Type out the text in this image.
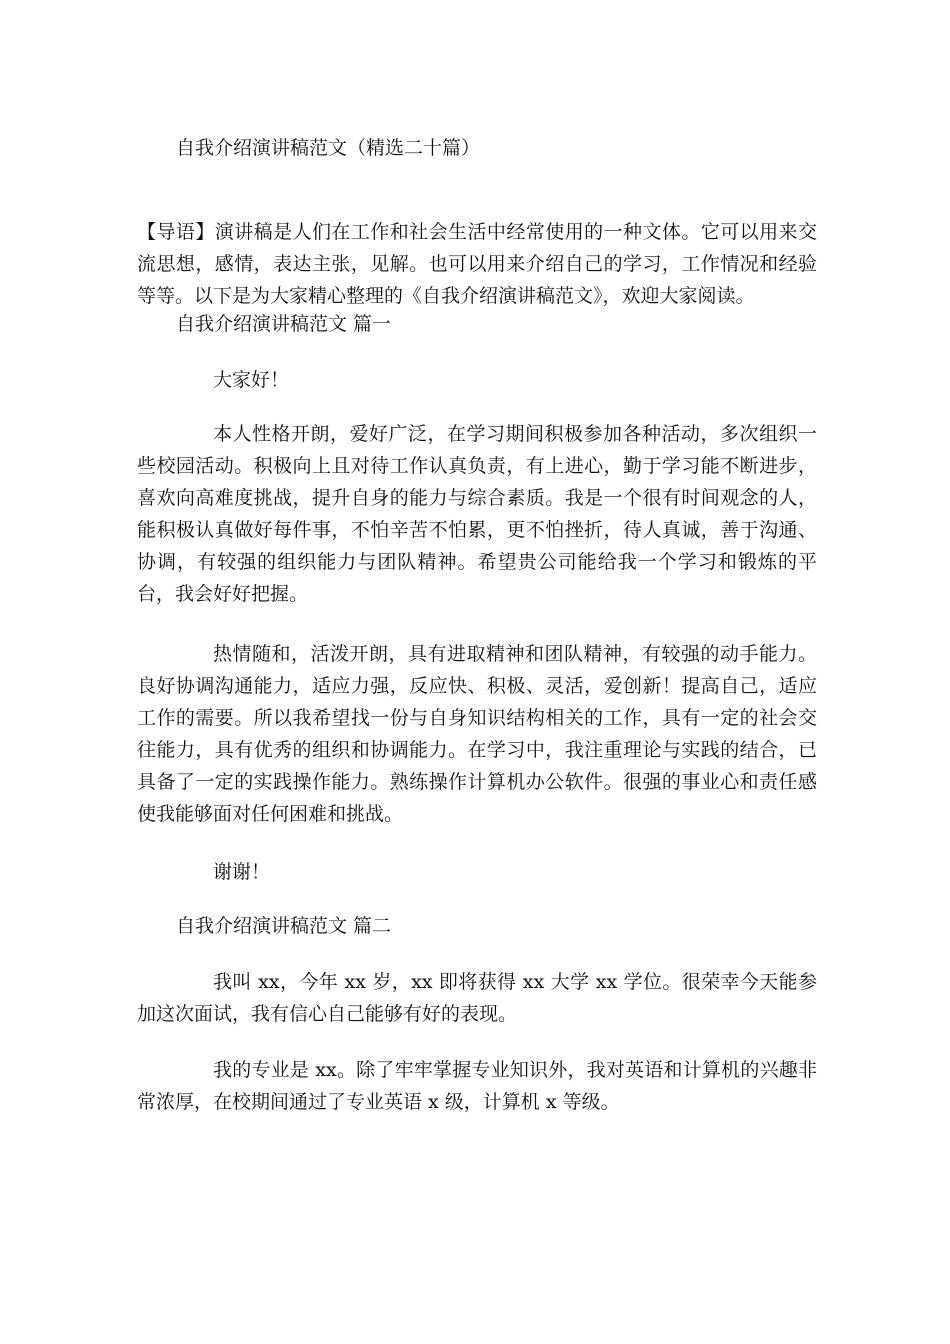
自我介绍演讲稿范文（精选二十篇）

【导语】演讲稿是人们在工作和社会生活中经常使用的一种文体。它可以用来交流思想，感情，表达主张，见解。也可以用来介绍自己的学习，工作情况和经验等等。以下是为大家精心整理的《自我介绍演讲稿范文》，欢迎大家阅读。

自我介绍演讲稿范文 篇一
大家好！

本人性格开朗，爱好广泛，在学习期间积极参加各种活动，多次组织一些校园活动。积极向上且对待工作认真负责，有上进心，勤于学习能不断进步，喜欢向高难度挑战，提升自身的能力与综合素质。我是一个很有时间观念的人，能积极认真做好每件事，不怕辛苦不怕累，更不怕挫折，待人真诚，善于沟通、协调，有较强的组织能力与团队精神。希望贵公司能给我一个学习和锻炼的平台，我会好好把握。

热情随和，活泼开朗，具有进取精神和团队精神，有较强的动手能力。良好协调沟通能力，适应力强，反应快、积极、灵活，爱创新！提高自己，适应工作的需要。所以我希望找一份与自身知识结构相关的工作，具有一定的社会交往能力，具有优秀的组织和协调能力。在学习中，我注重理论与实践的结合，已具备了一定的实践操作能力。熟练操作计算机办公软件。很强的事业心和责任感使我能够面对任何困难和挑战。

谢谢！
自我介绍演讲稿范文 篇二

我叫 xx，今年 xx 岁，xx 即将获得 xx 大学 xx 学位。很荣幸今天能参加这次面试，我有信心自己能够有好的表现。

我的专业是 xx。除了牢牢掌握专业知识外，我对英语和计算机的兴趣非常浓厚，在校期间通过了专业英语 x 级，计算机 x 等级。
